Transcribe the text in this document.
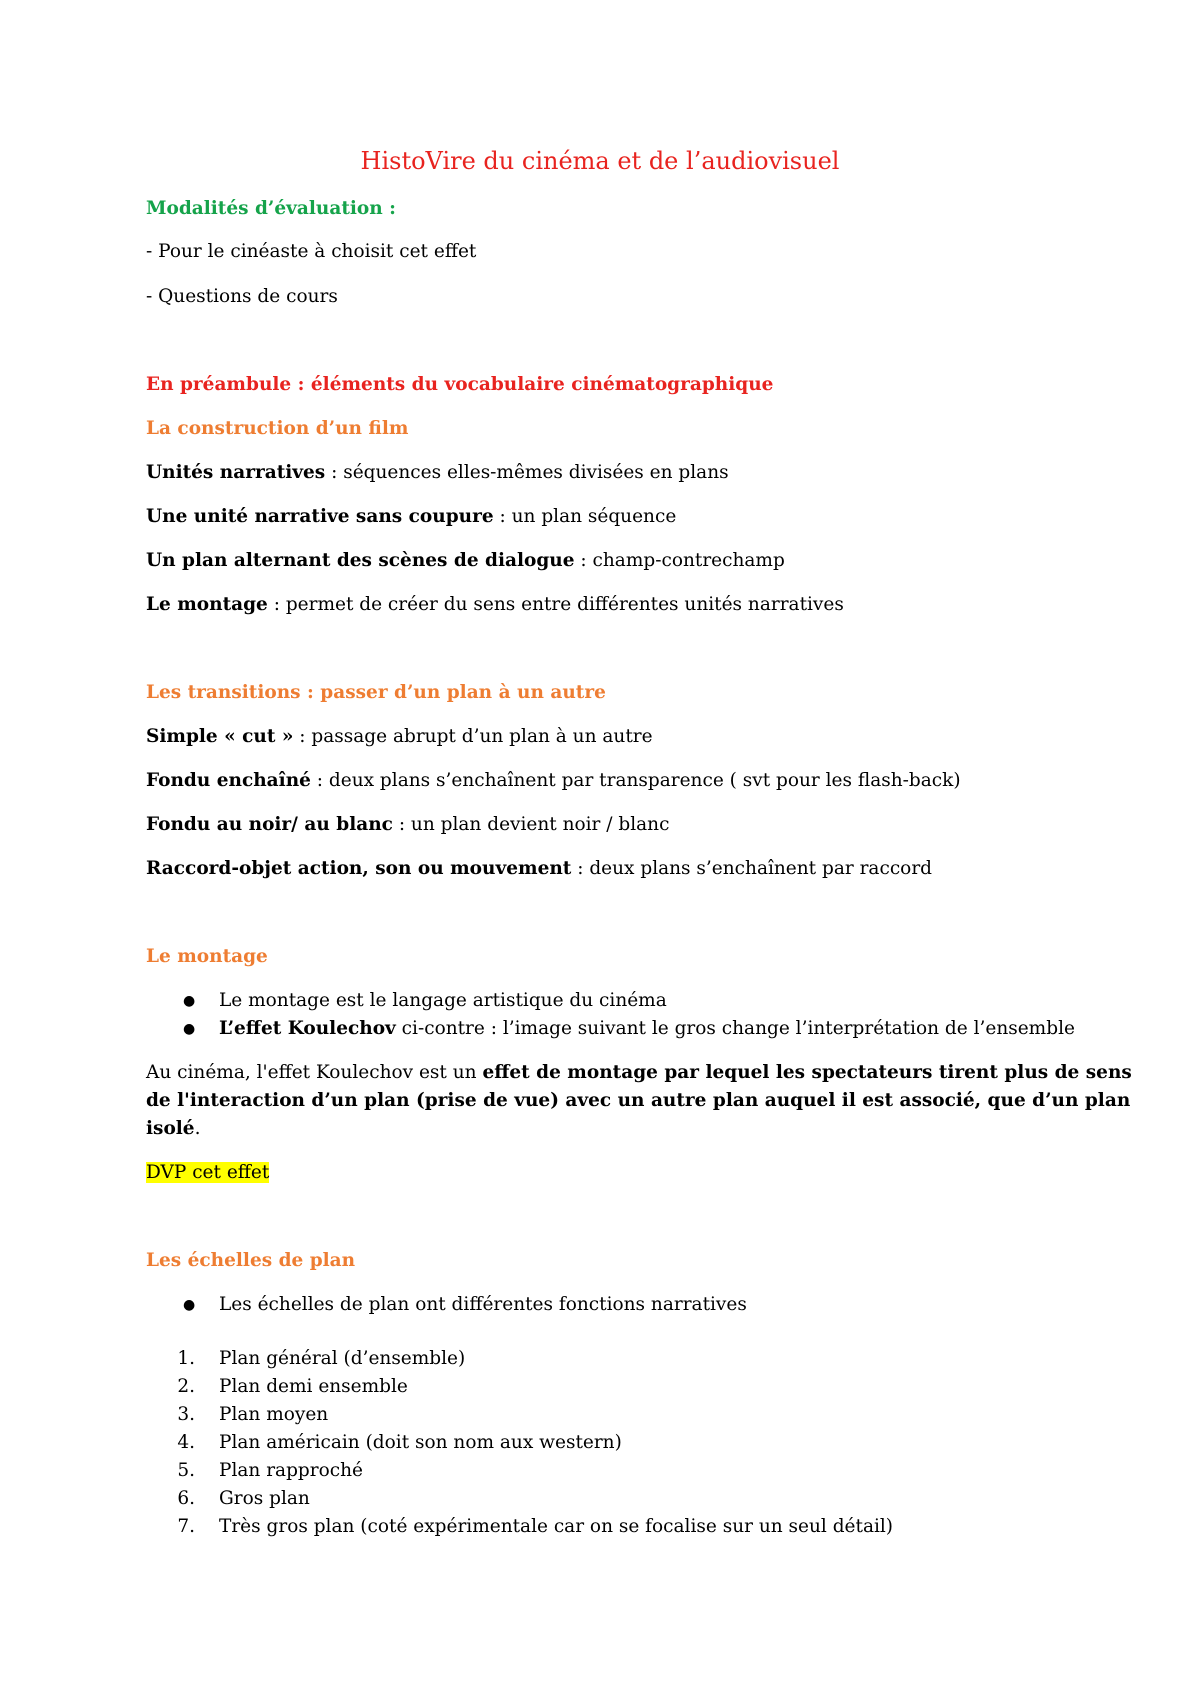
HistoVire du cinéma et de l’audiovisuel
Modalités d’évaluation :
- Pour le cinéaste à choisit cet effet
- Questions de cours
En préambule : éléments du vocabulaire cinématographique
La construction d’un film
Unités narratives : séquences elles-mêmes divisées en plans
Une unité narrative sans coupure : un plan séquence
Un plan alternant des scènes de dialogue : champ-contrechamp
Le montage : permet de créer du sens entre différentes unités narratives
Les transitions : passer d’un plan à un autre
Simple « cut » : passage abrupt d’un plan à un autre
Fondu enchaîné : deux plans s’enchaînent par transparence ( svt pour les flash-back)
Fondu au noir/ au blanc : un plan devient noir / blanc
Raccord-objet action, son ou mouvement : deux plans s’enchaînent par raccord
Le montage
● Le montage est le langage artistique du cinéma
● L’effet Koulechov ci-contre : l’image suivant le gros change l’interprétation de l’ensemble
Au cinéma, l'effet Koulechov est un effet de montage par lequel les spectateurs tirent plus de sens
de l'interaction d’un plan (prise de vue) avec un autre plan auquel il est associé, que d’un plan
isolé.
DVP cet effet
Les échelles de plan
● Les échelles de plan ont différentes fonctions narratives
1. Plan général (d’ensemble)
2. Plan demi ensemble
3. Plan moyen
4. Plan américain (doit son nom aux western)
5. Plan rapproché
6. Gros plan
7. Très gros plan (coté expérimentale car on se focalise sur un seul détail)
